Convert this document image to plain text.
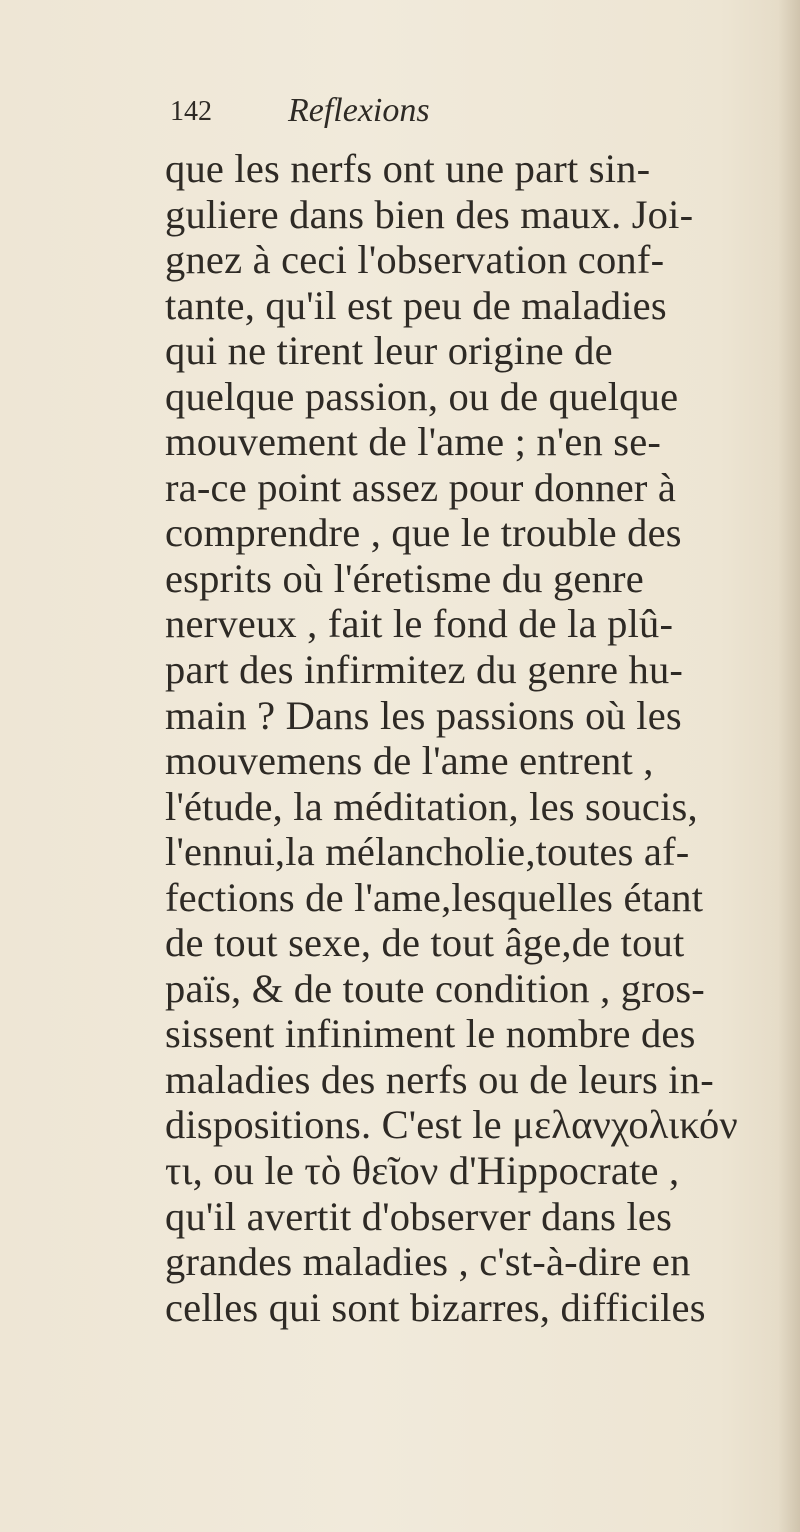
142 Reflexions
que les nerfs ont une part sin-
guliere dans bien des maux. Joi-
gnez à ceci l'observation conf-
tante, qu'il est peu de maladies
qui ne tirent leur origine de
quelque passion, ou de quelque
mouvement de l'ame ; n'en se-
ra-ce point assez pour donner à
comprendre , que le trouble des
esprits où l'éretisme du genre
nerveux , fait le fond de la plû-
part des infirmitez du genre hu-
main ? Dans les passions où les
mouvemens de l'ame entrent ,
l'étude, la méditation, les soucis,
l'ennui,la mélancholie,toutes af-
fections de l'ame,lesquelles étant
de tout sexe, de tout âge,de tout
païs, & de toute condition , gros-
sissent infiniment le nombre des
maladies des nerfs ou de leurs in-
dispositions. C'est le μελανχολικόν
τι, ou le τὸ θεῖον d'Hippocrate ,
qu'il avertit d'observer dans les
grandes maladies , c'st-à-dire en
celles qui sont bizarres, difficiles
